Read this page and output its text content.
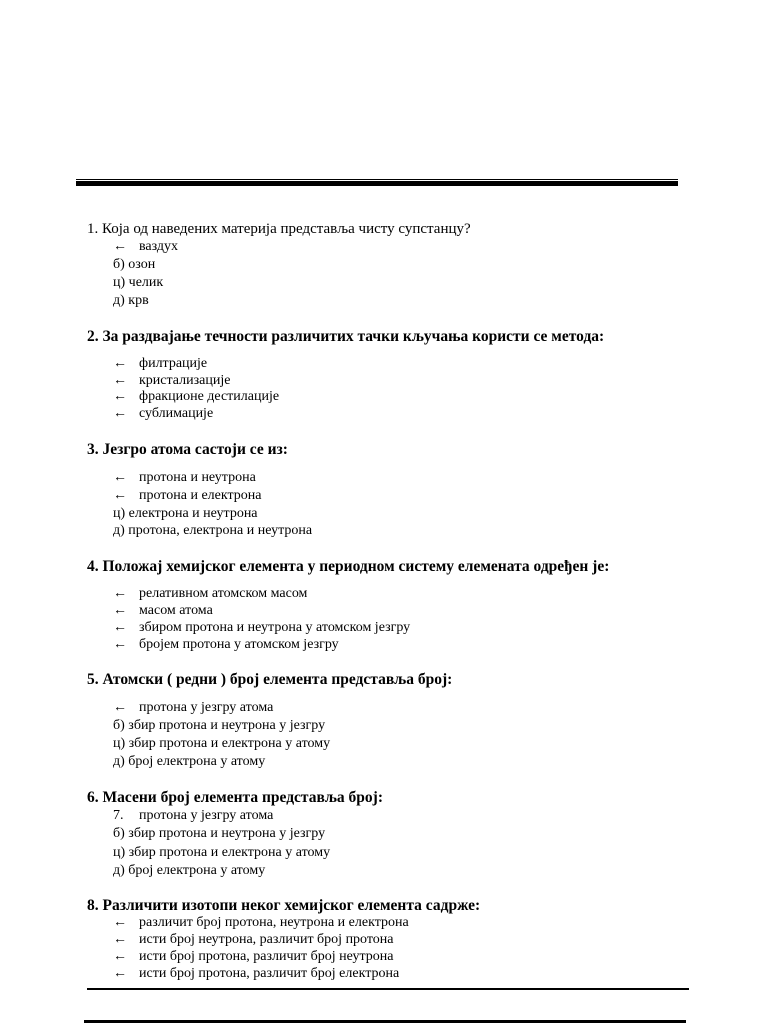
1. Која од наведених материја представља чисту супстанцу?
← ваздух
б) озон
ц) челик
д) крв
2. За раздвајање течности различитих тачки кључања користи се метода:
← филтрације
← кристализације
← фракционе дестилације
← сублимације
3. Језгро атома састоји се из:
← протона и неутрона
← протона и електрона
ц) електрона и неутрона
д) протона, електрона и неутрона
4. Положај хемијског елемента у периодном систему елемената одређен је:
← релативном атомском масом
← масом атома
← збиром протона и неутрона у атомском језгру
← бројем протона у атомском језгру
5. Атомски ( редни ) број елемента представља број:
← протона у језгру атома
б) збир протона и неутрона у језгру
ц) збир протона и електрона у атому
д) број електрона у атому
6. Масени број елемента представља број:
7. протона у језгру атома
б) збир протона и неутрона у језгру
ц) збир протона и електрона у атому
д) број електрона у атому
8. Различити изотопи неког хемијског елемента садрже:
← различит број протона, неутрона и електрона
← исти број неутрона, различит број протона
← исти број протона, различит број неутрона
← исти број протона, различит број електрона
